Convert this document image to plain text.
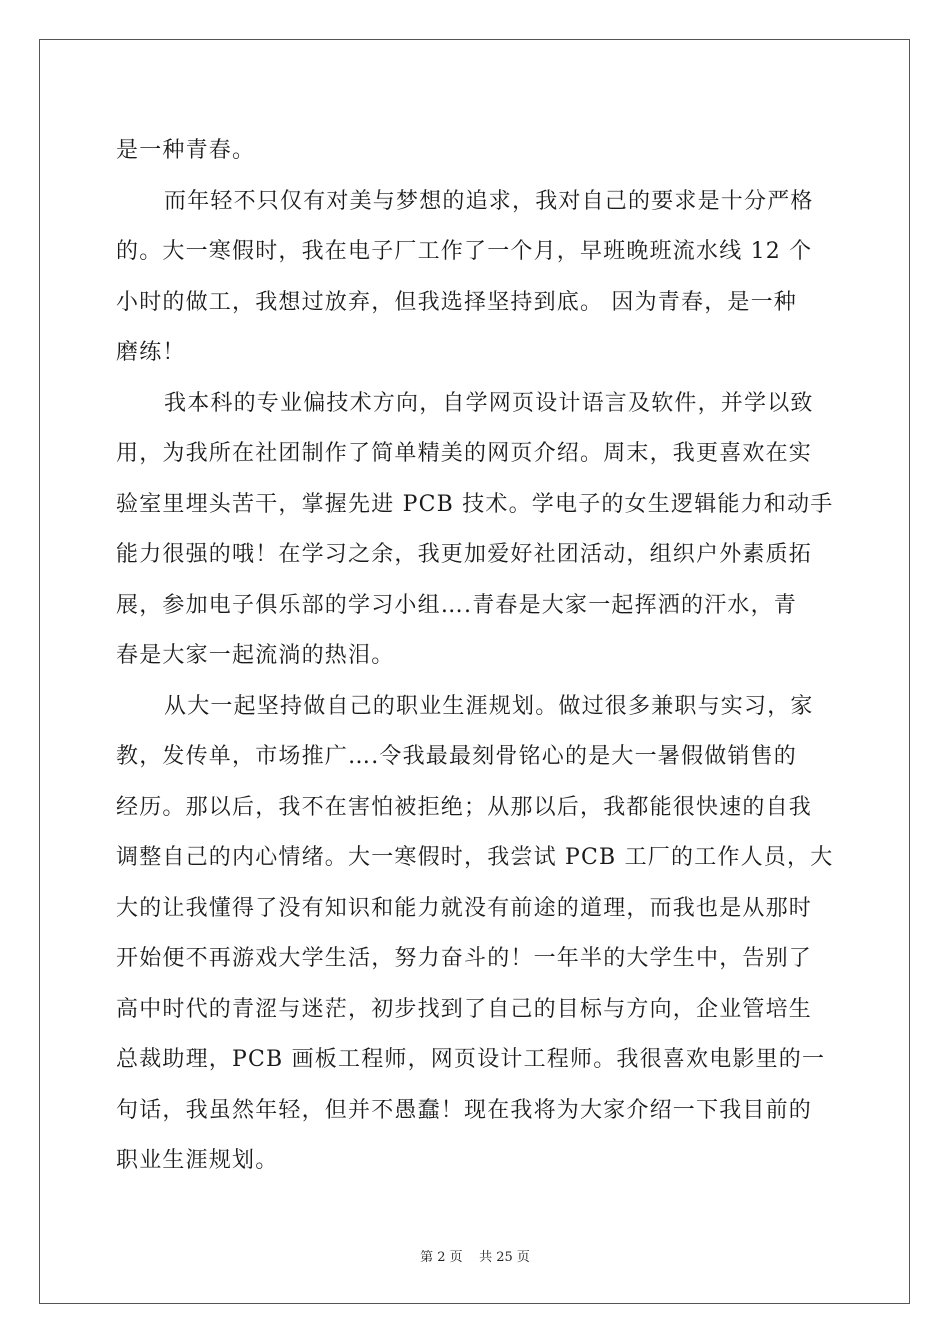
是一种青春。
而年轻不只仅有对美与梦想的追求，我对自己的要求是十分严格
的。大一寒假时，我在电子厂工作了一个月，早班晚班流水线 12 个
小时的做工，我想过放弃，但我选择坚持到底。 因为青春，是一种
磨练！
我本科的专业偏技术方向，自学网页设计语言及软件，并学以致
用，为我所在社团制作了简单精美的网页介绍。周末，我更喜欢在实
验室里埋头苦干，掌握先进 PCB 技术。学电子的女生逻辑能力和动手
能力很强的哦！在学习之余，我更加爱好社团活动，组织户外素质拓
展，参加电子俱乐部的学习小组….青春是大家一起挥洒的汗水，青
春是大家一起流淌的热泪。
从大一起坚持做自己的职业生涯规划。做过很多兼职与实习，家
教，发传单，市场推广….令我最最刻骨铭心的是大一暑假做销售的
经历。那以后，我不在害怕被拒绝；从那以后，我都能很快速的自我
调整自己的内心情绪。大一寒假时，我尝试 PCB 工厂的工作人员，大
大的让我懂得了没有知识和能力就没有前途的道理，而我也是从那时
开始便不再游戏大学生活，努力奋斗的！一年半的大学生中，告别了
高中时代的青涩与迷茫，初步找到了自己的目标与方向，企业管培生
总裁助理，PCB 画板工程师，网页设计工程师。我很喜欢电影里的一
句话，我虽然年轻，但并不愚蠢！现在我将为大家介绍一下我目前的
职业生涯规划。
第 2 页    共 25 页
